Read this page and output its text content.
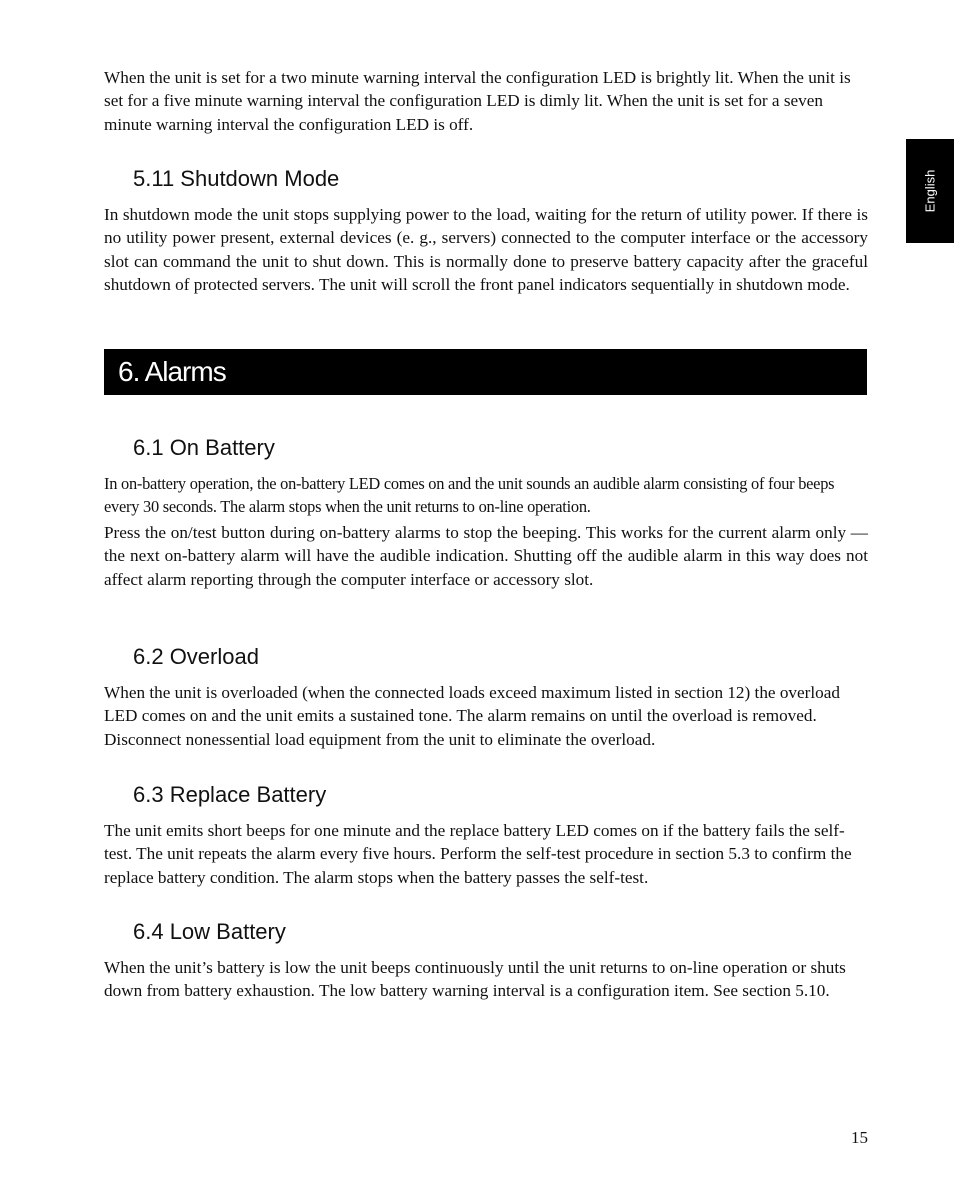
English

When the unit is set for a two minute warning interval the configuration LED is brightly lit. When the unit is set for a five minute warning interval the configuration LED is dimly lit. When the unit is set for a seven minute warning interval the configuration LED is off.

5.11 Shutdown Mode

In shutdown mode the unit stops supplying power to the load, waiting for the return of utility power. If there is no utility power present, external devices (e. g., servers) connected to the computer interface or the accessory slot can command the unit to shut down. This is normally done to preserve battery capacity after the graceful shutdown of protected servers. The unit will scroll the front panel indicators sequentially in shutdown mode.

6. Alarms
6.1 On Battery

In on-battery operation, the on-battery LED comes on and the unit sounds an audible alarm consisting of four beeps every 30 seconds. The alarm stops when the unit returns to on-line operation.

Press the on/test button during on-battery alarms to stop the beeping. This works for the current alarm only — the next on-battery alarm will have the audible indication. Shutting off the audible alarm in this way does not affect alarm reporting through the computer interface or accessory slot.

6.2 Overload

When the unit is overloaded (when the connected loads exceed maximum listed in section 12) the overload LED comes on and the unit emits a sustained tone. The alarm remains on until the overload is removed. Disconnect nonessential load equipment from the unit to eliminate the overload.

6.3 Replace Battery

The unit emits short beeps for one minute and the replace battery LED comes on if the battery fails the self-test. The unit repeats the alarm every five hours. Perform the self-test procedure in section 5.3 to confirm the replace battery condition. The alarm stops when the battery passes the self-test.

6.4 Low Battery

When the unit’s battery is low the unit beeps continuously until the unit returns to on-line operation or shuts down from battery exhaustion. The low battery warning interval is a configuration item. See section 5.10.

15
